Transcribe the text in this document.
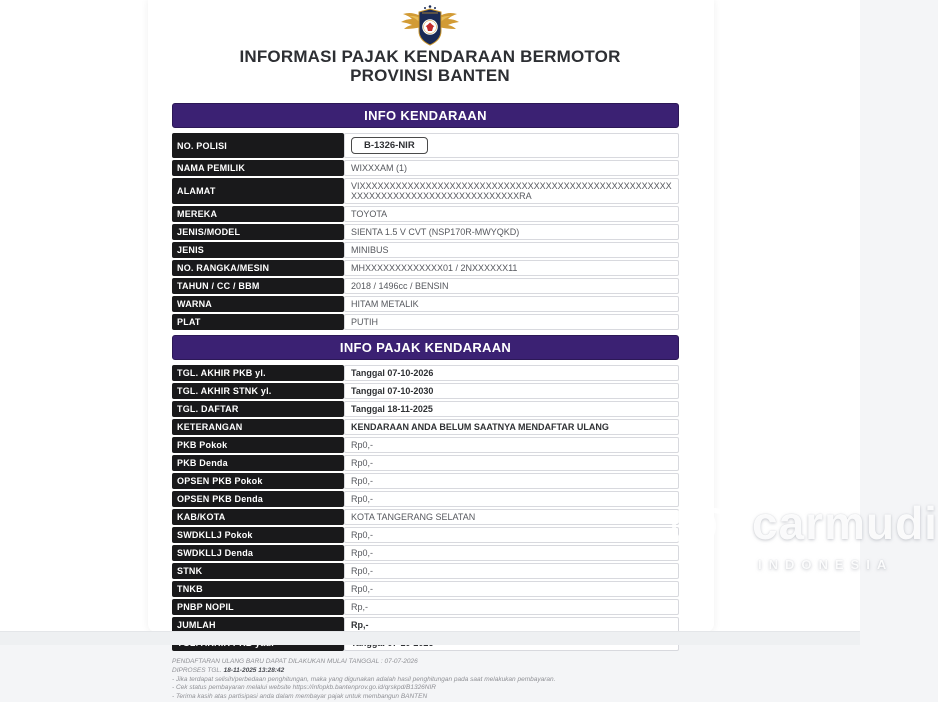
INFORMASI PAJAK KENDARAAN BERMOTOR
PROVINSI BANTEN
INFO KENDARAAN
NO. POLISI	B-1326-NIR
NAMA PEMILIK	WIXXXAM (1)
ALAMAT	VIXXXXXXXXXXXXXXXXXXXXXXXXXXXXXXXXXXXXXXXXXXXXXXXXXXXXXXXXXXXXXXXXXXXXXXXXXXXXXXXXRA
MEREKA	TOYOTA
JENIS/MODEL	SIENTA 1.5 V CVT (NSP170R-MWYQKD)
JENIS	MINIBUS
NO. RANGKA/MESIN	MHXXXXXXXXXXXXX01 / 2NXXXXXX11
TAHUN / CC / BBM	2018 / 1496cc / BENSIN
WARNA	HITAM METALIK
PLAT	PUTIH
INFO PAJAK KENDARAAN
TGL. AKHIR PKB yl.	Tanggal 07-10-2026
TGL. AKHIR STNK yl.	Tanggal 07-10-2030
TGL. DAFTAR	Tanggal 18-11-2025
KETERANGAN	KENDARAAN ANDA BELUM SAATNYA MENDAFTAR ULANG
PKB Pokok	Rp0,-
PKB Denda	Rp0,-
OPSEN PKB Pokok	Rp0,-
OPSEN PKB Denda	Rp0,-
KAB/KOTA	KOTA TANGERANG SELATAN
SWDKLLJ Pokok	Rp0,-
SWDKLLJ Denda	Rp0,-
STNK	Rp0,-
TNKB	Rp0,-
PNBP NOPIL	Rp,-
JUMLAH	Rp,-

PENDAFTARAN ULANG BARU DAPAT DILAKUKAN MULAI TANGGAL : 07-07-2026
DIPROSES TGL. 18-11-2025 13:28:42
- Jika terdapat selisih/perbedaan penghitungan, maka yang digunakan adalah hasil penghitungan pada saat melakukan pembayaran.
- Cek status pembayaran melalui website https://infopkb.bantenprov.go.id/qrskpd/B1326NIR
- Terima kasih atas partisipasi anda dalam membayar pajak untuk membangun BANTEN
carmudi
INDONESIA
